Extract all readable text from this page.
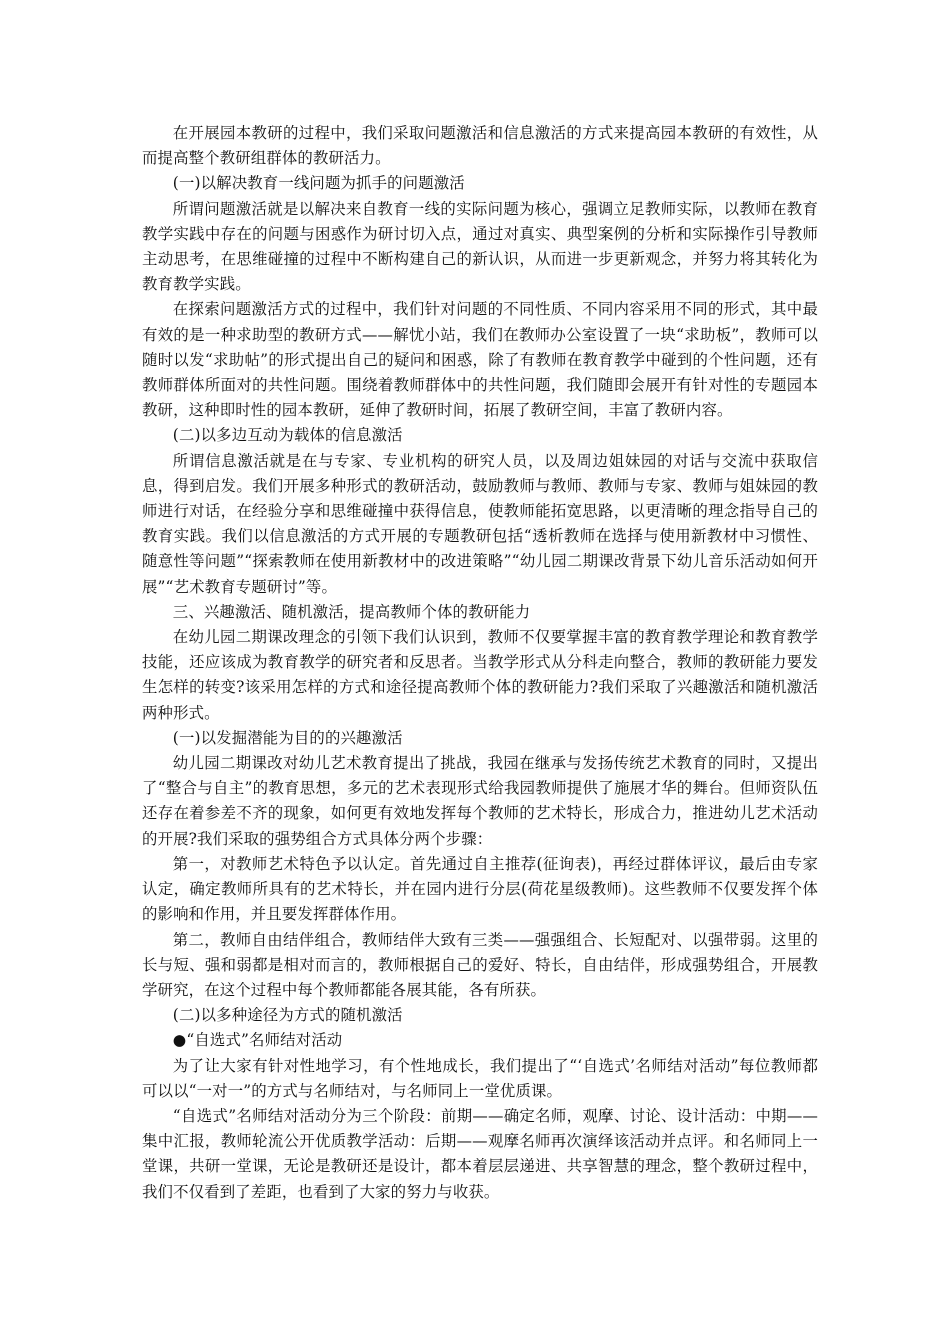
在开展园本教研的过程中，我们采取问题激活和信息激活的方式来提高园本教研的有效性，从而提高整个教研组群体的教研活力。

(一)以解决教育一线问题为抓手的问题激活

所谓问题激活就是以解决来自教育一线的实际问题为核心，强调立足教师实际，以教师在教育教学实践中存在的问题与困惑作为研讨切入点，通过对真实、典型案例的分析和实际操作引导教师主动思考，在思维碰撞的过程中不断构建自己的新认识，从而进一步更新观念，并努力将其转化为教育教学实践。

在探索问题激活方式的过程中，我们针对问题的不同性质、不同内容采用不同的形式，其中最有效的是一种求助型的教研方式——解忧小站，我们在教师办公室设置了一块“求助板”，教师可以随时以发“求助帖”的形式提出自己的疑问和困惑，除了有教师在教育教学中碰到的个性问题，还有教师群体所面对的共性问题。围绕着教师群体中的共性问题，我们随即会展开有针对性的专题园本教研，这种即时性的园本教研，延伸了教研时间，拓展了教研空间，丰富了教研内容。

(二)以多边互动为载体的信息激活

所谓信息激活就是在与专家、专业机构的研究人员，以及周边姐妹园的对话与交流中获取信息，得到启发。我们开展多种形式的教研活动，鼓励教师与教师、教师与专家、教师与姐妹园的教师进行对话，在经验分享和思维碰撞中获得信息，使教师能拓宽思路，以更清晰的理念指导自己的教育实践。我们以信息激活的方式开展的专题教研包括“透析教师在选择与使用新教材中习惯性、随意性等问题”“探索教师在使用新教材中的改进策略”“幼儿园二期课改背景下幼儿音乐活动如何开展”“艺术教育专题研讨”等。

三、兴趣激活、随机激活，提高教师个体的教研能力

在幼儿园二期课改理念的引领下我们认识到，教师不仅要掌握丰富的教育教学理论和教育教学技能，还应该成为教育教学的研究者和反思者。当教学形式从分科走向整合，教师的教研能力要发生怎样的转变?该采用怎样的方式和途径提高教师个体的教研能力?我们采取了兴趣激活和随机激活两种形式。

(一)以发掘潜能为目的的兴趣激活

幼儿园二期课改对幼儿艺术教育提出了挑战，我园在继承与发扬传统艺术教育的同时，又提出了“整合与自主”的教育思想，多元的艺术表现形式给我园教师提供了施展才华的舞台。但师资队伍还存在着参差不齐的现象，如何更有效地发挥每个教师的艺术特长，形成合力，推进幼儿艺术活动的开展?我们采取的强势组合方式具体分两个步骤：

第一，对教师艺术特色予以认定。首先通过自主推荐(征询表)，再经过群体评议，最后由专家认定，确定教师所具有的艺术特长，并在园内进行分层(荷花星级教师)。这些教师不仅要发挥个体的影响和作用，并且要发挥群体作用。

第二，教师自由结伴组合，教师结伴大致有三类——强强组合、长短配对、以强带弱。这里的长与短、强和弱都是相对而言的，教师根据自己的爱好、特长，自由结伴，形成强势组合，开展教学研究，在这个过程中每个教师都能各展其能，各有所获。

(二)以多种途径为方式的随机激活

●“自选式”名师结对活动

为了让大家有针对性地学习，有个性地成长，我们提出了“‘自选式’名师结对活动”每位教师都可以以“一对一”的方式与名师结对，与名师同上一堂优质课。

“自选式”名师结对活动分为三个阶段：前期——确定名师，观摩、讨论、设计活动：中期——集中汇报，教师轮流公开优质教学活动：后期——观摩名师再次演绎该活动并点评。和名师同上一堂课，共研一堂课，无论是教研还是设计，都本着层层递进、共享智慧的理念，整个教研过程中，我们不仅看到了差距，也看到了大家的努力与收获。
